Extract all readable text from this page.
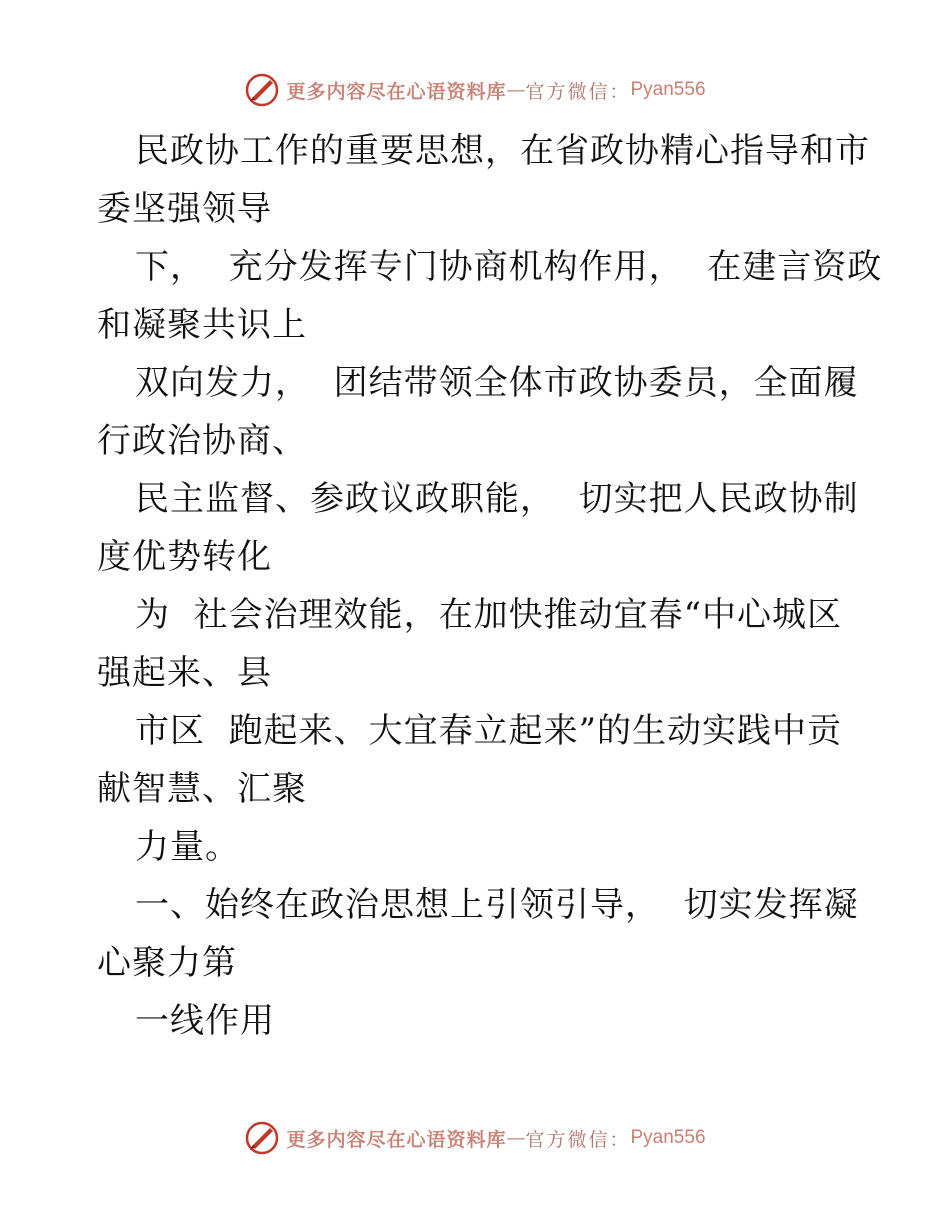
更多内容尽在心语资料库 — 官方微信： Pyan556
民政协工作的重要思想，在省政协精心指导和市
委坚强领导
下，  充分发挥专门协商机构作用，  在建言资政
和凝聚共识上
双向发力，  团结带领全体市政协委员，全面履
行政治协商、
民主监督、参政议政职能，  切实把人民政协制
度优势转化
为  社会治理效能，在加快推动宜春“中心城区
强起来、县
市区  跑起来、大宜春立起来”的生动实践中贡
献智慧、汇聚
力量。
一、始终在政治思想上引领引导，  切实发挥凝
心聚力第
一线作用
更多内容尽在心语资料库 — 官方微信： Pyan556
